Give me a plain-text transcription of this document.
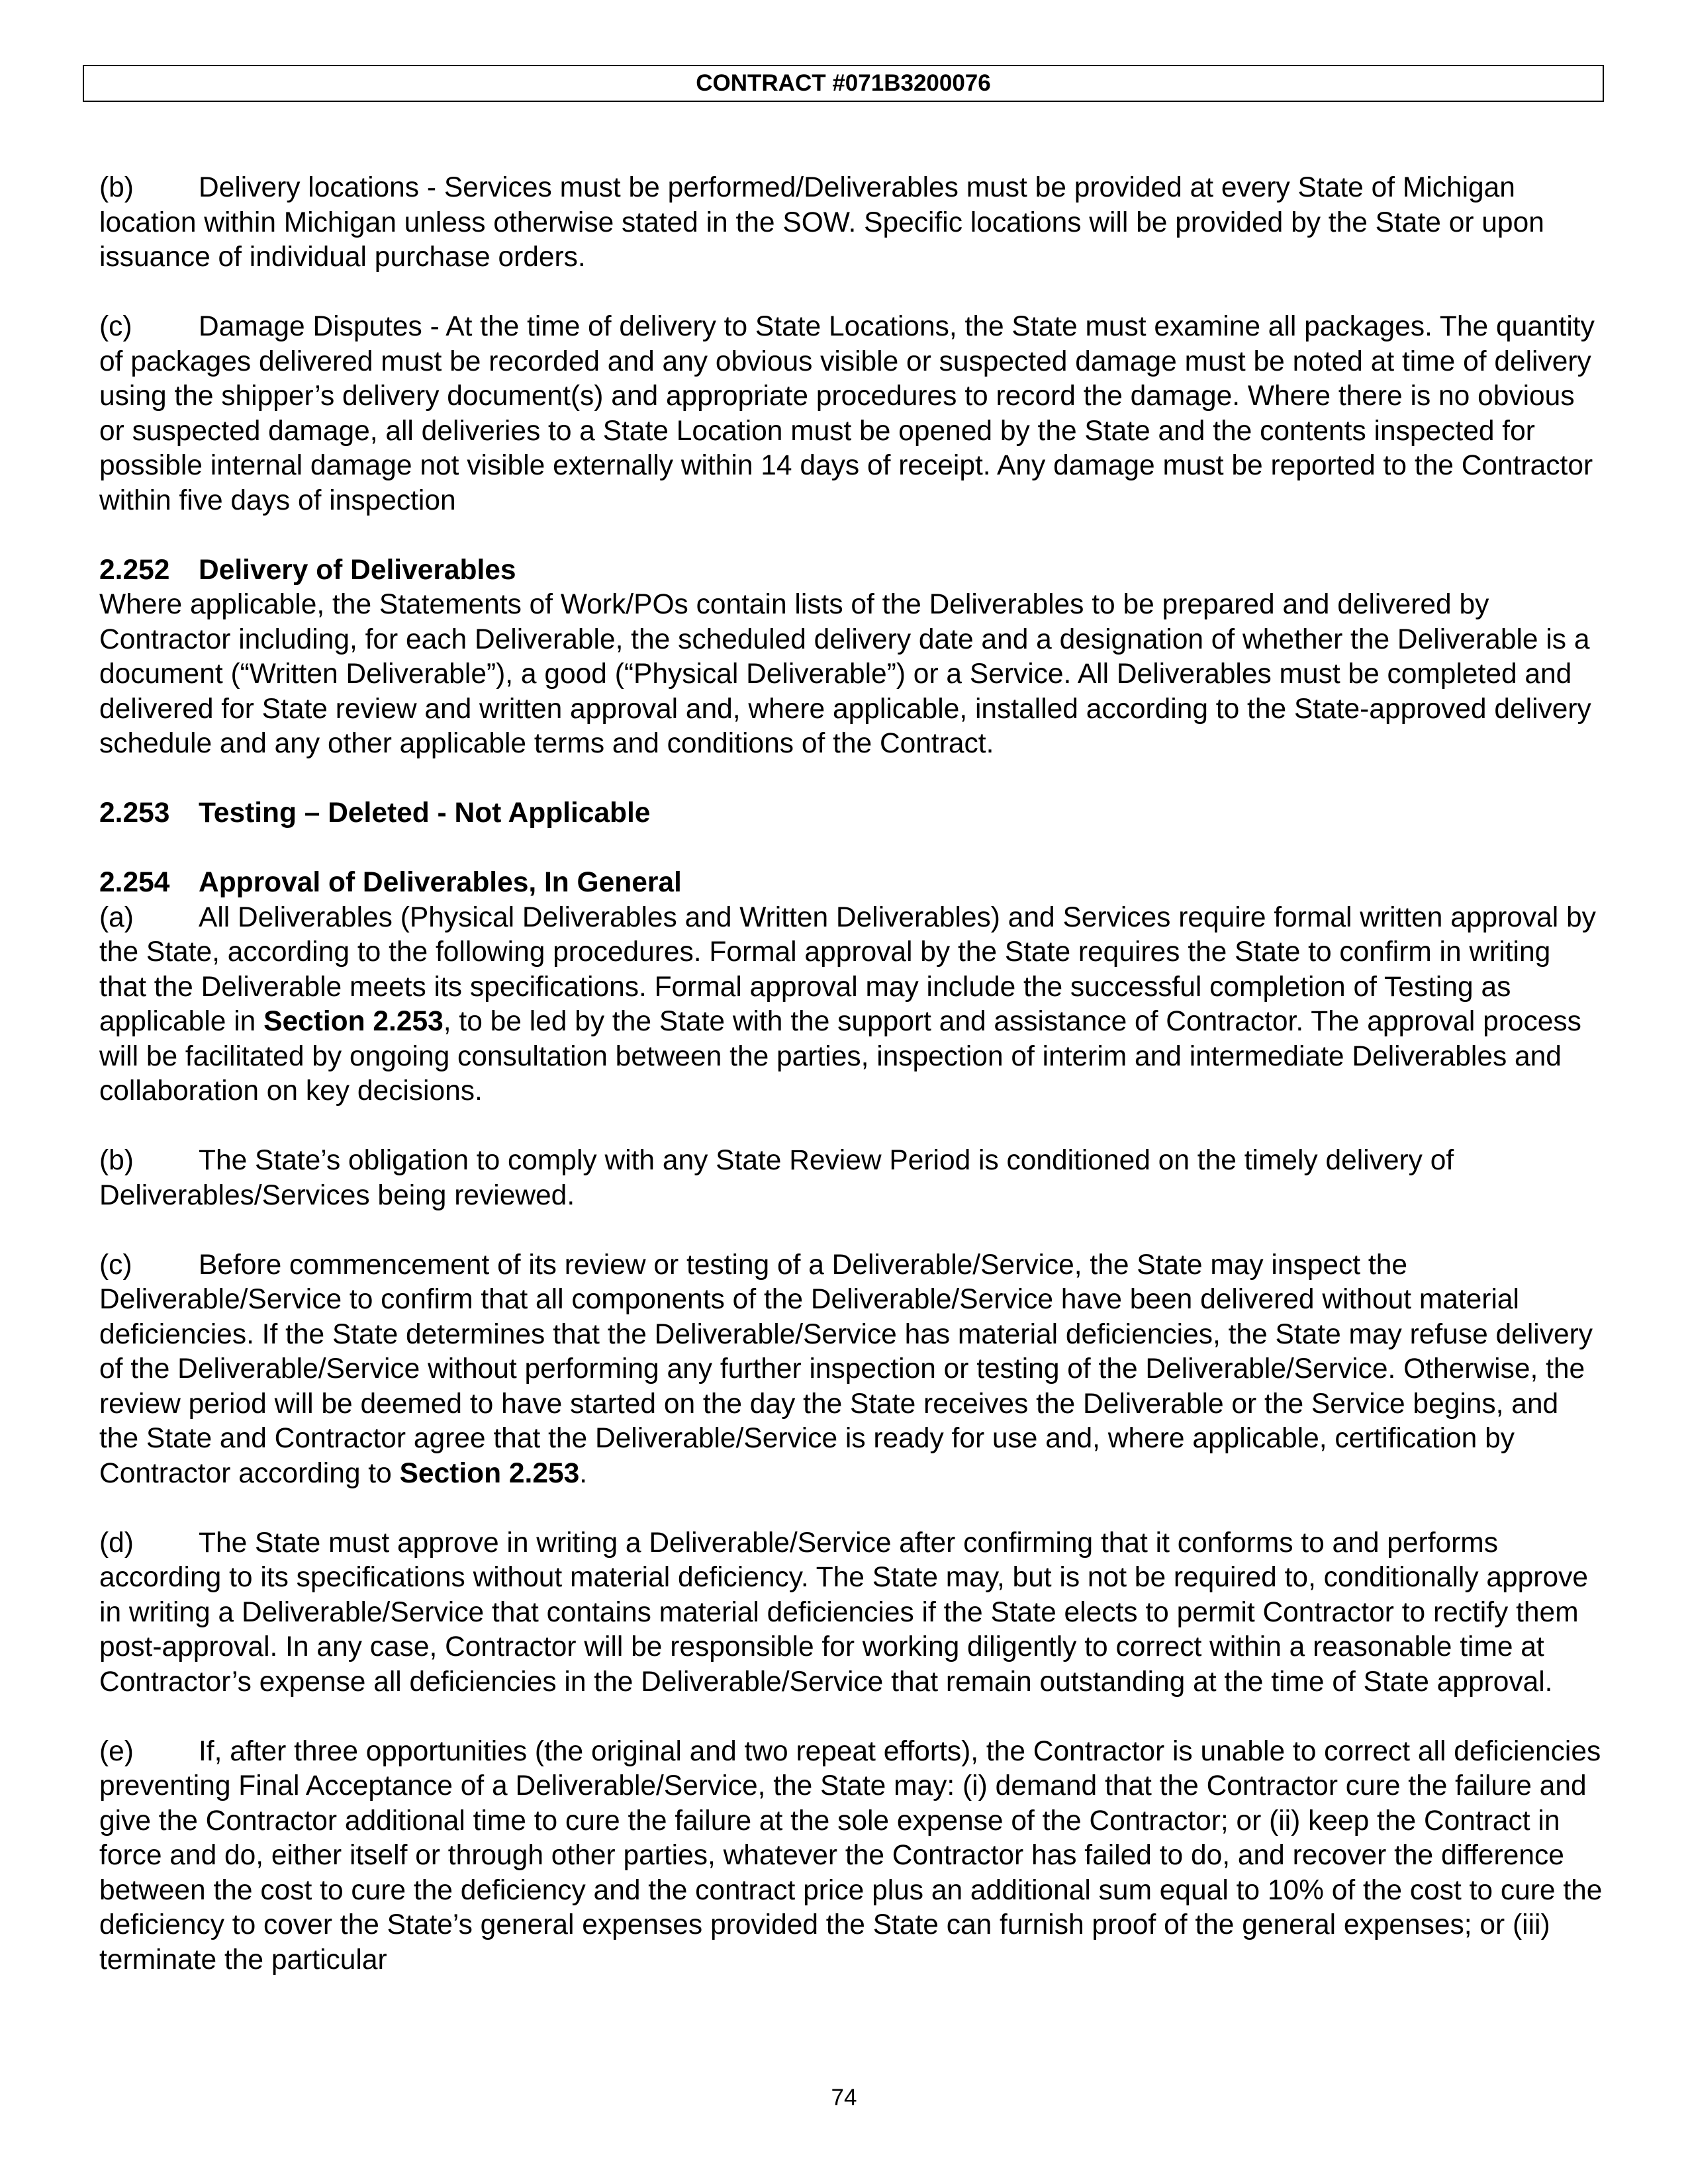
CONTRACT #071B3200076

(b) Delivery locations - Services must be performed/Deliverables must be provided at every State of Michigan location within Michigan unless otherwise stated in the SOW. Specific locations will be provided by the State or upon issuance of individual purchase orders.

(c) Damage Disputes - At the time of delivery to State Locations, the State must examine all packages. The quantity of packages delivered must be recorded and any obvious visible or suspected damage must be noted at time of delivery using the shipper’s delivery document(s) and appropriate procedures to record the damage. Where there is no obvious or suspected damage, all deliveries to a State Location must be opened by the State and the contents inspected for possible internal damage not visible externally within 14 days of receipt. Any damage must be reported to the Contractor within five days of inspection

2.252 Delivery of Deliverables

Where applicable, the Statements of Work/POs contain lists of the Deliverables to be prepared and delivered by Contractor including, for each Deliverable, the scheduled delivery date and a designation of whether the Deliverable is a document (“Written Deliverable”), a good (“Physical Deliverable”) or a Service. All Deliverables must be completed and delivered for State review and written approval and, where applicable, installed according to the State-approved delivery schedule and any other applicable terms and conditions of the Contract.

2.253 Testing – Deleted - Not Applicable

2.254 Approval of Deliverables, In General

(a) All Deliverables (Physical Deliverables and Written Deliverables) and Services require formal written approval by the State, according to the following procedures. Formal approval by the State requires the State to confirm in writing that the Deliverable meets its specifications. Formal approval may include the successful completion of Testing as applicable in Section 2.253, to be led by the State with the support and assistance of Contractor. The approval process will be facilitated by ongoing consultation between the parties, inspection of interim and intermediate Deliverables and collaboration on key decisions.

(b) The State’s obligation to comply with any State Review Period is conditioned on the timely delivery of Deliverables/Services being reviewed.

(c) Before commencement of its review or testing of a Deliverable/Service, the State may inspect the Deliverable/Service to confirm that all components of the Deliverable/Service have been delivered without material deficiencies. If the State determines that the Deliverable/Service has material deficiencies, the State may refuse delivery of the Deliverable/Service without performing any further inspection or testing of the Deliverable/Service. Otherwise, the review period will be deemed to have started on the day the State receives the Deliverable or the Service begins, and the State and Contractor agree that the Deliverable/Service is ready for use and, where applicable, certification by Contractor according to Section 2.253.

(d) The State must approve in writing a Deliverable/Service after confirming that it conforms to and performs according to its specifications without material deficiency. The State may, but is not be required to, conditionally approve in writing a Deliverable/Service that contains material deficiencies if the State elects to permit Contractor to rectify them post-approval. In any case, Contractor will be responsible for working diligently to correct within a reasonable time at Contractor’s expense all deficiencies in the Deliverable/Service that remain outstanding at the time of State approval.

(e) If, after three opportunities (the original and two repeat efforts), the Contractor is unable to correct all deficiencies preventing Final Acceptance of a Deliverable/Service, the State may: (i) demand that the Contractor cure the failure and give the Contractor additional time to cure the failure at the sole expense of the Contractor; or (ii) keep the Contract in force and do, either itself or through other parties, whatever the Contractor has failed to do, and recover the difference between the cost to cure the deficiency and the contract price plus an additional sum equal to 10% of the cost to cure the deficiency to cover the State’s general expenses provided the State can furnish proof of the general expenses; or (iii) terminate the particular

74
